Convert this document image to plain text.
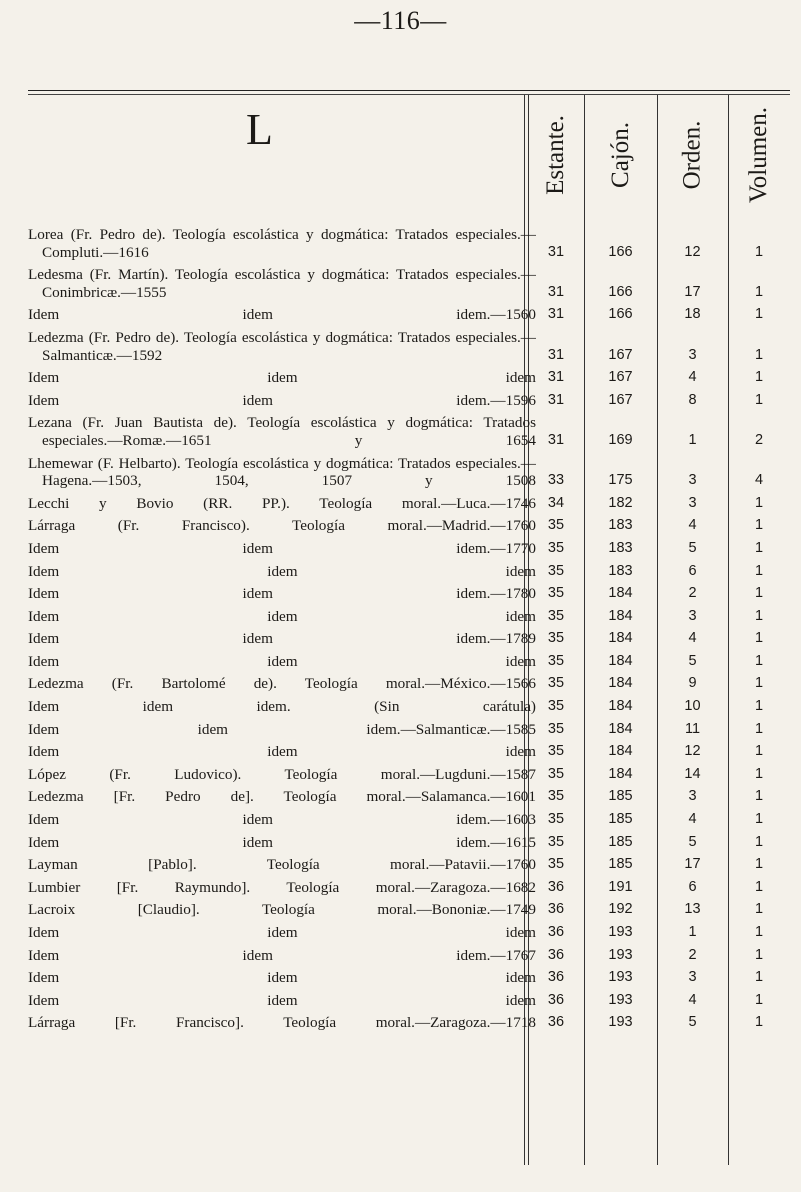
—116—
L	Estante. Cajón. Orden. Volumen.
Lorea (Fr. Pedro de). Teología escolástica y dogmática: Tratados especiales.—Compluti.—1616 .....	31	166	12	1
Ledesma (Fr. Martín). Teología escolástica y dogmática: Tratados especiales.—Conimbricæ.—1555 .....	31	166	17	1
Idem idem idem.—1560 ..... 31	166	18	1
Ledezma (Fr. Pedro de). Teología escolástica y dogmática: Tratados especiales.—Salmanticæ.—1592 .....	31	167	3	1
Idem idem idem ..... 31	167	4	1
Idem idem idem.—1596 ..... 31	167	8	1
Lezana (Fr. Juan Bautista de). Teología escolástica y dogmática: Tratados especiales.—Romæ.—1651 y 1654 ..... 31	169	1	2
Lhemewar (F. Helbarto). Teología escolástica y dogmática: Tratados especiales.—Hagena.—1503, 1504, 1507 y 1508 ..... 33	175	3	4
Lecchi y Bovio (RR. PP.). Teología moral.—Luca.—1746 ..... 34	182	3	1
Lárraga (Fr. Francisco). Teología moral.—Madrid.—1760 ..... 35	183	4	1
Idem idem idem.—1770 ..... 35	183	5	1
Idem idem idem ..... 35	183	6	1
Idem idem idem.—1780 ..... 35	184	2	1
Idem idem idem ..... 35	184	3	1
Idem idem idem.—1789 ..... 35	184	4	1
Idem idem idem ..... 35	184	5	1
Ledezma (Fr. Bartolomé de). Teología moral.—México.—1566 ..... 35	184	9	1
Idem idem idem. (Sin carátula) ..... 35	184	10	1
Idem idem idem.—Salmanticæ.—1585 ..... 35	184	11	1
Idem idem idem ..... 35	184	12	1
López (Fr. Ludovico). Teología moral.—Lugduni.—1587 ..... 35	184	14	1
Ledezma [Fr. Pedro de]. Teología moral.—Salamanca.—1601 ..... 35	185	3	1
Idem idem idem.—1603 ..... 35	185	4	1
Idem idem idem.—1615 ..... 35	185	5	1
Layman [Pablo]. Teología moral.—Patavii.—1760 ..... 35	185	17	1
Lumbier [Fr. Raymundo]. Teología moral.—Zaragoza.—1682 ..... 36	191	6	1
Lacroix [Claudio]. Teología moral.—Bononiæ.—1749 ..... 36	192	13	1
Idem idem idem ..... 36	193	1	1
Idem idem idem.—1767 ..... 36	193	2	1
Idem idem idem ..... 36	193	3	1
Idem idem idem ..... 36	193	4	1
Lárraga [Fr. Francisco]. Teología moral.—Zaragoza.—1718 ..... 36	193	5	1
